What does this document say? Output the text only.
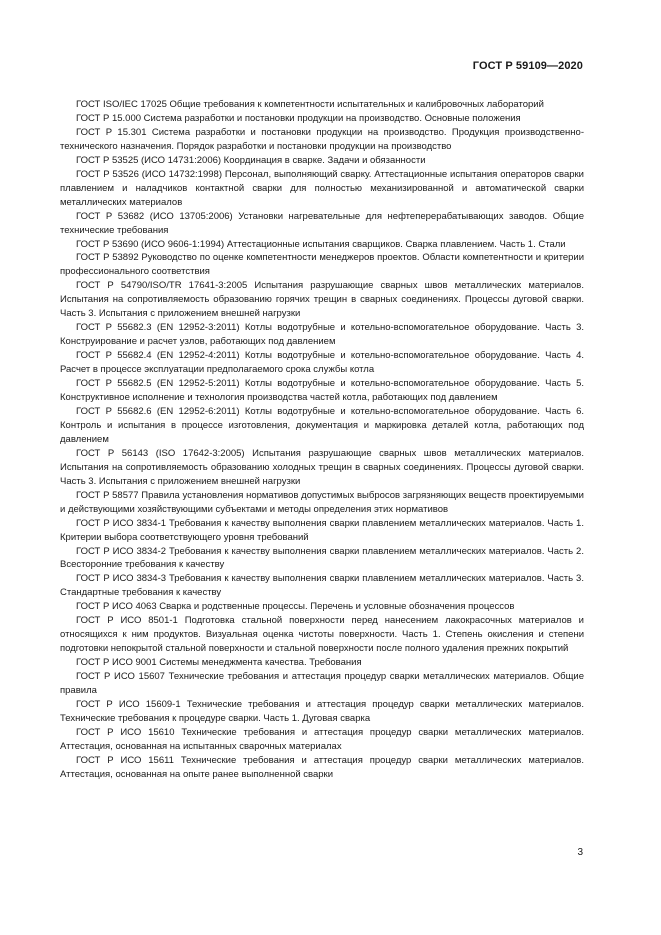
ГОСТ Р 59109—2020

ГОСТ ISO/IEC 17025 Общие требования к компетентности испытательных и калибровочных лабораторий

ГОСТ Р 15.000 Система разработки и постановки продукции на производство. Основные положения

ГОСТ Р 15.301 Система разработки и постановки продукции на производство. Продукция производственно-технического назначения. Порядок разработки и постановки продукции на производство

ГОСТ Р 53525 (ИСО 14731:2006) Координация в сварке. Задачи и обязанности

ГОСТ Р 53526 (ИСО 14732:1998) Персонал, выполняющий сварку. Аттестационные испытания операторов сварки плавлением и наладчиков контактной сварки для полностью механизированной и автоматической сварки металлических материалов

ГОСТ Р 53682 (ИСО 13705:2006) Установки нагревательные для нефтеперерабатывающих заводов. Общие технические требования

ГОСТ Р 53690 (ИСО 9606-1:1994) Аттестационные испытания сварщиков. Сварка плавлением. Часть 1. Стали

ГОСТ Р 53892 Руководство по оценке компетентности менеджеров проектов. Области компетентности и критерии профессионального соответствия

ГОСТ Р 54790/ISO/TR 17641-3:2005 Испытания разрушающие сварных швов металлических материалов. Испытания на сопротивляемость образованию горячих трещин в сварных соединениях. Процессы дуговой сварки. Часть 3. Испытания с приложением внешней нагрузки

ГОСТ Р 55682.3 (EN 12952-3:2011) Котлы водотрубные и котельно-вспомогательное оборудование. Часть 3. Конструирование и расчет узлов, работающих под давлением

ГОСТ Р 55682.4 (EN 12952-4:2011) Котлы водотрубные и котельно-вспомогательное оборудование. Часть 4. Расчет в процессе эксплуатации предполагаемого срока службы котла

ГОСТ Р 55682.5 (EN 12952-5:2011) Котлы водотрубные и котельно-вспомогательное оборудование. Часть 5. Конструктивное исполнение и технология производства частей котла, работающих под давлением

ГОСТ Р 55682.6 (EN 12952-6:2011) Котлы водотрубные и котельно-вспомогательное оборудование. Часть 6. Контроль и испытания в процессе изготовления, документация и маркировка деталей котла, работающих под давлением

ГОСТ Р 56143 (ISO 17642-3:2005) Испытания разрушающие сварных швов металлических материалов. Испытания на сопротивляемость образованию холодных трещин в сварных соединениях. Процессы дуговой сварки. Часть 3. Испытания с приложением внешней нагрузки

ГОСТ Р 58577 Правила установления нормативов допустимых выбросов загрязняющих веществ проектируемыми и действующими хозяйствующими субъектами и методы определения этих нормативов

ГОСТ Р ИСО 3834-1 Требования к качеству выполнения сварки плавлением металлических материалов. Часть 1. Критерии выбора соответствующего уровня требований

ГОСТ Р ИСО 3834-2 Требования к качеству выполнения сварки плавлением металлических материалов. Часть 2. Всесторонние требования к качеству

ГОСТ Р ИСО 3834-3 Требования к качеству выполнения сварки плавлением металлических материалов. Часть 3. Стандартные требования к качеству

ГОСТ Р ИСО 4063 Сварка и родственные процессы. Перечень и условные обозначения процессов

ГОСТ Р ИСО 8501-1 Подготовка стальной поверхности перед нанесением лакокрасочных материалов и относящихся к ним продуктов. Визуальная оценка чистоты поверхности. Часть 1. Степень окисления и степени подготовки непокрытой стальной поверхности и стальной поверхности после полного удаления прежних покрытий

ГОСТ Р ИСО 9001 Системы менеджмента качества. Требования

ГОСТ Р ИСО 15607 Технические требования и аттестация процедур сварки металлических материалов. Общие правила

ГОСТ Р ИСО 15609-1 Технические требования и аттестация процедур сварки металлических материалов. Технические требования к процедуре сварки. Часть 1. Дуговая сварка

ГОСТ Р ИСО 15610 Технические требования и аттестация процедур сварки металлических материалов. Аттестация, основанная на испытанных сварочных материалах

ГОСТ Р ИСО 15611 Технические требования и аттестация процедур сварки металлических материалов. Аттестация, основанная на опыте ранее выполненной сварки

3
